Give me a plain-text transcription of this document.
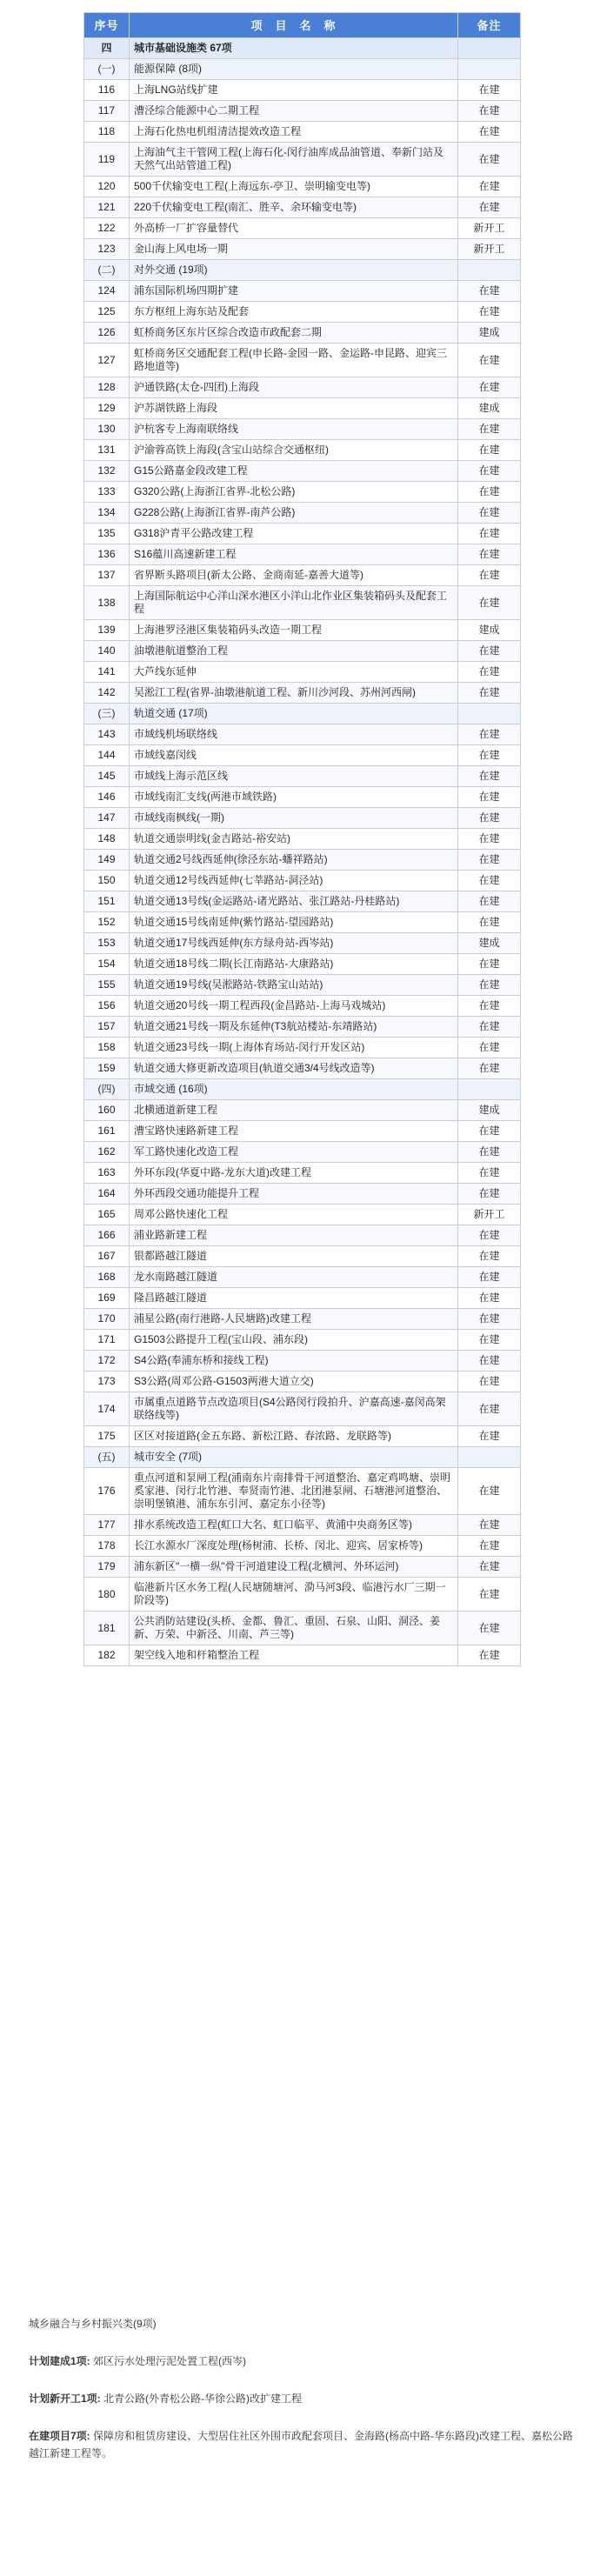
序号	项　目　名　称	备注
四	城市基础设施类 67项	
(一)	能源保障 (8项)	
116	上海LNG站线扩建	在建
117	漕泾综合能源中心二期工程	在建
118	上海石化热电机组清洁提效改造工程	在建
119	上海油气主干管网工程(上海石化-闵行油库成品油管道、奉新门站及天然气出站管道工程)	在建
120	500千伏输变电工程(上海远东-亭卫、崇明输变电等)	在建
121	220千伏输变电工程(南汇、胜辛、余环输变电等)	在建
122	外高桥一厂扩容量替代	新开工
123	金山海上风电场一期	新开工
(二)	对外交通 (19项)	
124	浦东国际机场四期扩建	在建
125	东方枢纽上海东站及配套	在建
126	虹桥商务区东片区综合改造市政配套二期	建成
127	虹桥商务区交通配套工程(申长路-金园一路、金运路-申昆路、迎宾三路地道等)	在建
128	沪通铁路(太仓-四团)上海段	在建
129	沪苏湖铁路上海段	建成
130	沪杭客专上海南联络线	在建
131	沪渝蓉高铁上海段(含宝山站综合交通枢纽)	在建
132	G15公路嘉金段改建工程	在建
133	G320公路(上海浙江省界-北松公路)	在建
134	G228公路(上海浙江省界-南芦公路)	在建
135	G318沪青平公路改建工程	在建
136	S16蕴川高速新建工程	在建
137	省界断头路项目(新太公路、金商南延-嘉善大道等)	在建
138	上海国际航运中心洋山深水港区小洋山北作业区集装箱码头及配套工程	在建
139	上海港罗泾港区集装箱码头改造一期工程	建成
140	油墩港航道整治工程	在建
141	大芦线东延伸	在建
142	吴淞江工程(省界-油墩港航道工程、新川沙河段、苏州河西闸)	在建
(三)	轨道交通 (17项)	
143	市域线机场联络线	在建
144	市域线嘉闵线	在建
145	市域线上海示范区线	在建
146	市域线南汇支线(两港市域铁路)	在建
147	市域线南枫线(一期)	在建
148	轨道交通崇明线(金吉路站-裕安站)	在建
149	轨道交通2号线西延伸(徐泾东站-蟠祥路站)	在建
150	轨道交通12号线西延伸(七莘路站-洞泾站)	在建
151	轨道交通13号线(金运路站-诸光路站、张江路站-丹桂路站)	在建
152	轨道交通15号线南延伸(紫竹路站-望园路站)	在建
153	轨道交通17号线西延伸(东方绿舟站-西岑站)	建成
154	轨道交通18号线二期(长江南路站-大康路站)	在建
155	轨道交通19号线(吴淞路站-铁路宝山站站)	在建
156	轨道交通20号线一期工程西段(金昌路站-上海马戏城站)	在建
157	轨道交通21号线一期及东延伸(T3航站楼站-东靖路站)	在建
158	轨道交通23号线一期(上海体育场站-闵行开发区站)	在建
159	轨道交通大修更新改造项目(轨道交通3/4号线改造等)	在建
(四)	市域交通 (16项)	
160	北横通道新建工程	建成
161	漕宝路快速路新建工程	在建
162	军工路快速化改造工程	在建
163	外环东段(华夏中路-龙东大道)改建工程	在建
164	外环西段交通功能提升工程	在建
165	周邓公路快速化工程	新开工
166	浦业路新建工程	在建
167	银都路越江隧道	在建
168	龙水南路越江隧道	在建
169	隆昌路越江隧道	在建
170	浦星公路(南行港路-人民塘路)改建工程	在建
171	G1503公路提升工程(宝山段、浦东段)	在建
172	S4公路(奉浦东桥和接线工程)	在建
173	S3公路(周邓公路-G1503两港大道立交)	在建
174	市属重点道路节点改造项目(S4公路闵行段拍升、沪嘉高速-嘉闵高架联络线等)	在建
175	区区对接道路(金五东路、新松江路、春浓路、龙联路等)	在建
(五)	城市安全 (7项)	
176	重点河道和泵闸工程(浦南东片南排骨干河道整治、嘉定鸡鸣塘、崇明奚家港、闵行北竹港、奉贤南竹港、北团港泵闸、石塘港河道整治、崇明堡镇港、浦东东引河、嘉定东小径等)	在建
177	排水系统改造工程(虹口大名、虹口临平、黄浦中央商务区等)	在建
178	长江水源水厂深度处理(杨树浦、长桥、闵北、迎宾、居家桥等)	在建
179	浦东新区"一横一纵"骨干河道建设工程(北横河、外环运河)	在建
180	临港新片区水务工程(人民塘随塘河、泐马河3段、临港污水厂三期一阶段等)	在建
181	公共消防站建设(头桥、金都、鲁汇、重固、石泉、山阳、洞泾、姜新、万荣、中新泾、川南、芦三等)	在建
182	架空线入地和杆箱整治工程	在建
城乡融合与乡村振兴类(9项)
计划建成1项: 郊区污水处理污泥处置工程(西岑)
计划新开工1项: 北青公路(外青松公路-华徐公路)改扩建工程
在建项目7项: 保障房和租赁房建设、大型居住社区外围市政配套项目、金海路(杨高中路-华东路段)改建工程、嘉松公路越江新建工程等。
